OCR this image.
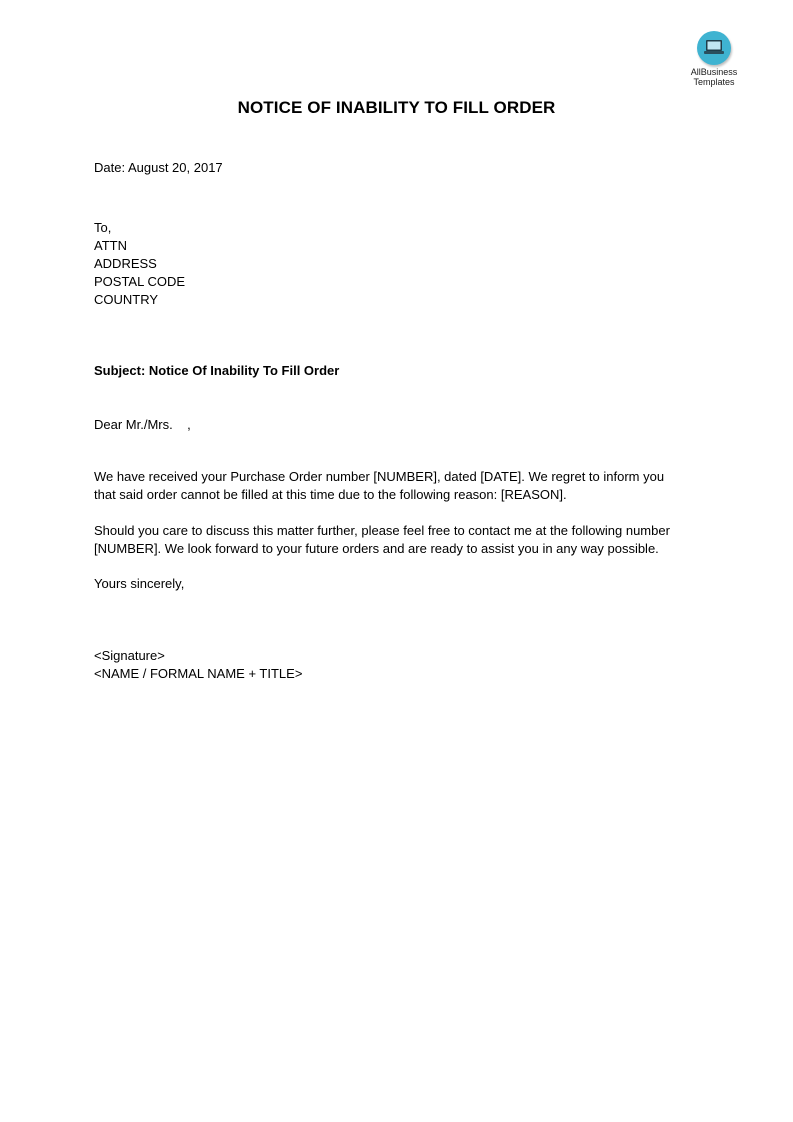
AllBusiness
Templates
NOTICE OF INABILITY TO FILL ORDER
Date: August 20, 2017
To,
ATTN
ADDRESS
POSTAL CODE
COUNTRY
Subject: Notice Of Inability To Fill Order
Dear Mr./Mrs.    ,
We have received your Purchase Order number [NUMBER], dated [DATE]. We regret to inform you
that said order cannot be filled at this time due to the following reason: [REASON].
Should you care to discuss this matter further, please feel free to contact me at the following number
[NUMBER]. We look forward to your future orders and are ready to assist you in any way possible.
Yours sincerely,
<Signature>
<NAME / FORMAL NAME + TITLE>
